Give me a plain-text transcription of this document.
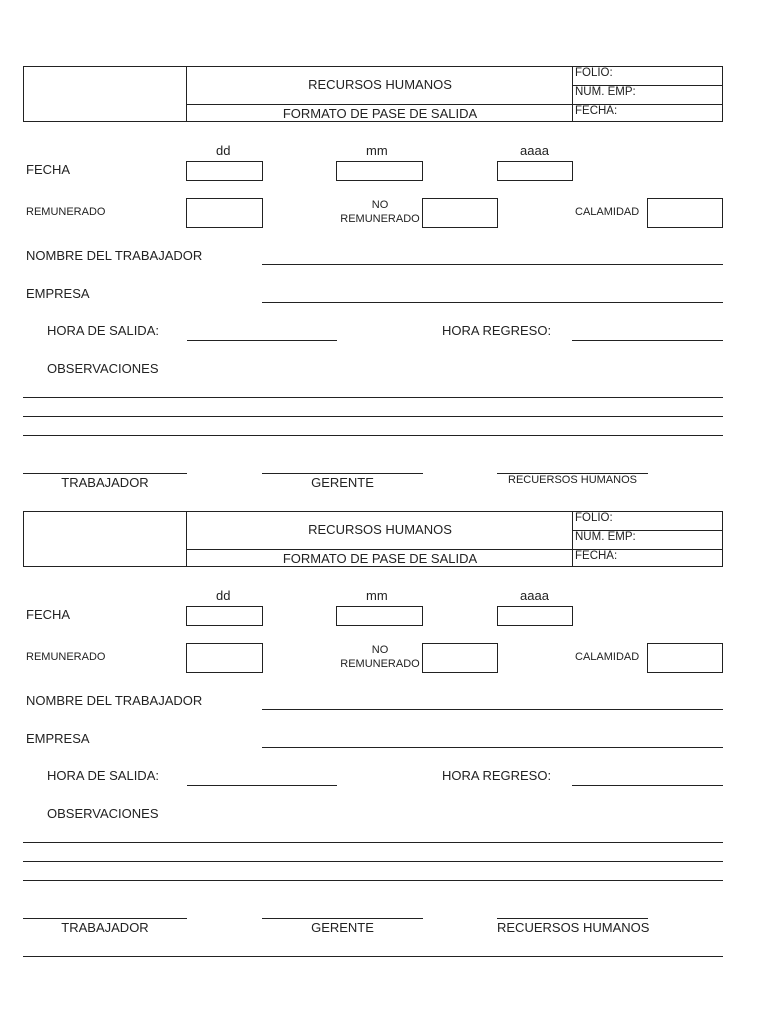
RECURSOS HUMANOS
FORMATO DE PASE DE SALIDA
FOLIO:
NUM. EMP:
FECHA:
dd	mm	aaaa
FECHA
REMUNERADO
NO
REMUNERADO
CALAMIDAD
NOMBRE DEL TRABAJADOR
EMPRESA
HORA DE SALIDA:	HORA REGRESO:
OBSERVACIONES
TRABAJADOR	GERENTE	RECUERSOS HUMANOS
RECURSOS HUMANOS
FORMATO DE PASE DE SALIDA
FOLIO:
NUM. EMP:
FECHA:
dd	mm	aaaa
FECHA
REMUNERADO
NO
REMUNERADO
CALAMIDAD
NOMBRE DEL TRABAJADOR
EMPRESA
HORA DE SALIDA:	HORA REGRESO:
OBSERVACIONES
TRABAJADOR	GERENTE	RECUERSOS HUMANOS
